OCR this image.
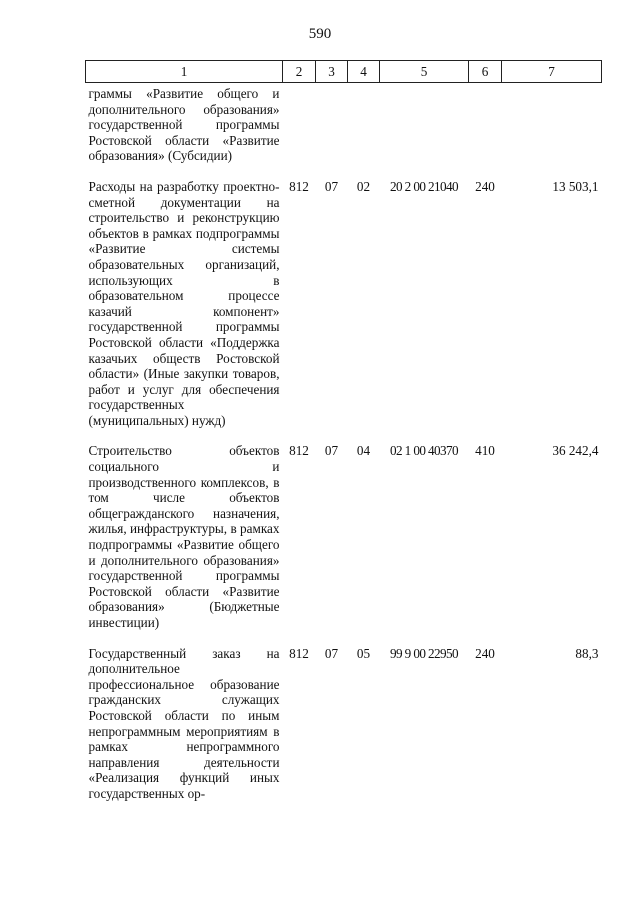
590
1	2	3	4	5	6	7
граммы «Развитие общего и дополнительного образования» государственной программы Ростовской области «Развитие образования» (Субсидии)						
Расходы на разработку проектно-сметной документации на строительство и реконструкцию объектов в рамках подпрограммы «Развитие системы образовательных организаций, использующих в образовательном процессе казачий компонент» государственной программы Ростовской области «Поддержка казачьих обществ Ростовской области» (Иные закупки товаров, работ и услуг для обеспечения государственных (муниципальных) нужд)	812	07	02	20 2 00 21040	240	13 503,1
Строительство объектов социального и производственного комплексов, в том числе объектов общегражданского назначения, жилья, инфраструктуры, в рамках подпрограммы «Развитие общего и дополнительного образования» государственной программы Ростовской области «Развитие образования» (Бюджетные инвестиции)	812	07	04	02 1 00 40370	410	36 242,4
Государственный заказ на дополнительное профессиональное образование гражданских служащих Ростовской области по иным непрограммным мероприятиям в рамках непрограммного направления деятельности «Реализация функций иных государственных ор-	812	07	05	99 9 00 22950	240	88,3
